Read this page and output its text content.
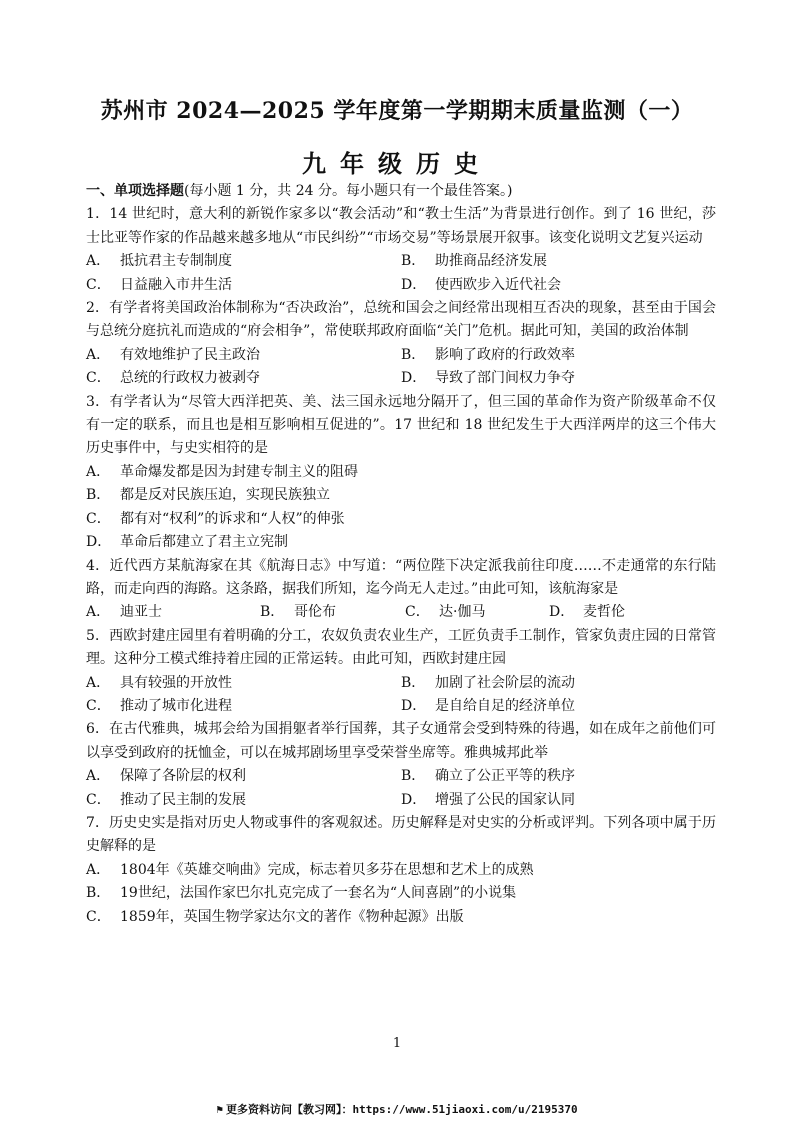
苏州市 2024—2025 学年度第一学期期末质量监测（一）
九年级历史

一、单项选择题(每小题 1 分，共 24 分。每小题只有一个最佳答案。)

1．14 世纪时，意大利的新锐作家多以“教会活动”和“教士生活”为背景进行创作。到了 16 世纪，莎士比亚等作家的作品越来越多地从“市民纠纷”“市场交易”等场景展开叙事。该变化说明文艺复兴运动

A． 抵抗君主专制制度	B． 助推商品经济发展
C． 日益融入市井生活	D． 使西欧步入近代社会

2．有学者将美国政治体制称为“否决政治”，总统和国会之间经常出现相互否决的现象，甚至由于国会与总统分庭抗礼而造成的“府会相争”，常使联邦政府面临“关门”危机。据此可知，美国的政治体制

A． 有效地维护了民主政治	B． 影响了政府的行政效率
C． 总统的行政权力被剥夺	D． 导致了部门间权力争夺

3．有学者认为“尽管大西洋把英、美、法三国永远地分隔开了，但三国的革命作为资产阶级革命不仅有一定的联系，而且也是相互影响相互促进的”。17 世纪和 18 世纪发生于大西洋两岸的这三个伟大历史事件中，与史实相符的是

A． 革命爆发都是因为封建专制主义的阻碍
B． 都是反对民族压迫，实现民族独立
C． 都有对“权利”的诉求和“人权”的伸张
D． 革命后都建立了君主立宪制

4．近代西方某航海家在其《航海日志》中写道：“两位陛下决定派我前往印度……不走通常的东行陆路，而走向西的海路。这条路，据我们所知，迄今尚无人走过。”由此可知，该航海家是

A． 迪亚士	B． 哥伦布	C． 达·伽马	D． 麦哲伦

5．西欧封建庄园里有着明确的分工，农奴负责农业生产，工匠负责手工制作，管家负责庄园的日常管理。这种分工模式维持着庄园的正常运转。由此可知，西欧封建庄园

A． 具有较强的开放性	B． 加剧了社会阶层的流动
C． 推动了城市化进程	D． 是自给自足的经济单位

6．在古代雅典，城邦会给为国捐躯者举行国葬，其子女通常会受到特殊的待遇，如在成年之前他们可以享受到政府的抚恤金，可以在城邦剧场里享受荣誉坐席等。雅典城邦此举

A． 保障了各阶层的权利	B． 确立了公正平等的秩序
C． 推动了民主制的发展	D． 增强了公民的国家认同

7．历史史实是指对历史人物或事件的客观叙述。历史解释是对史实的分析或评判。下列各项中属于历史解释的是

A． 1804年《英雄交响曲》完成，标志着贝多芬在思想和艺术上的成熟
B． 19世纪，法国作家巴尔扎克完成了一套名为“人间喜剧”的小说集
C． 1859年，英国生物学家达尔文的著作《物种起源》出版
1
⚑ 更多资料访问【教习网】：https://www.51jiaoxi.com/u/2195370
